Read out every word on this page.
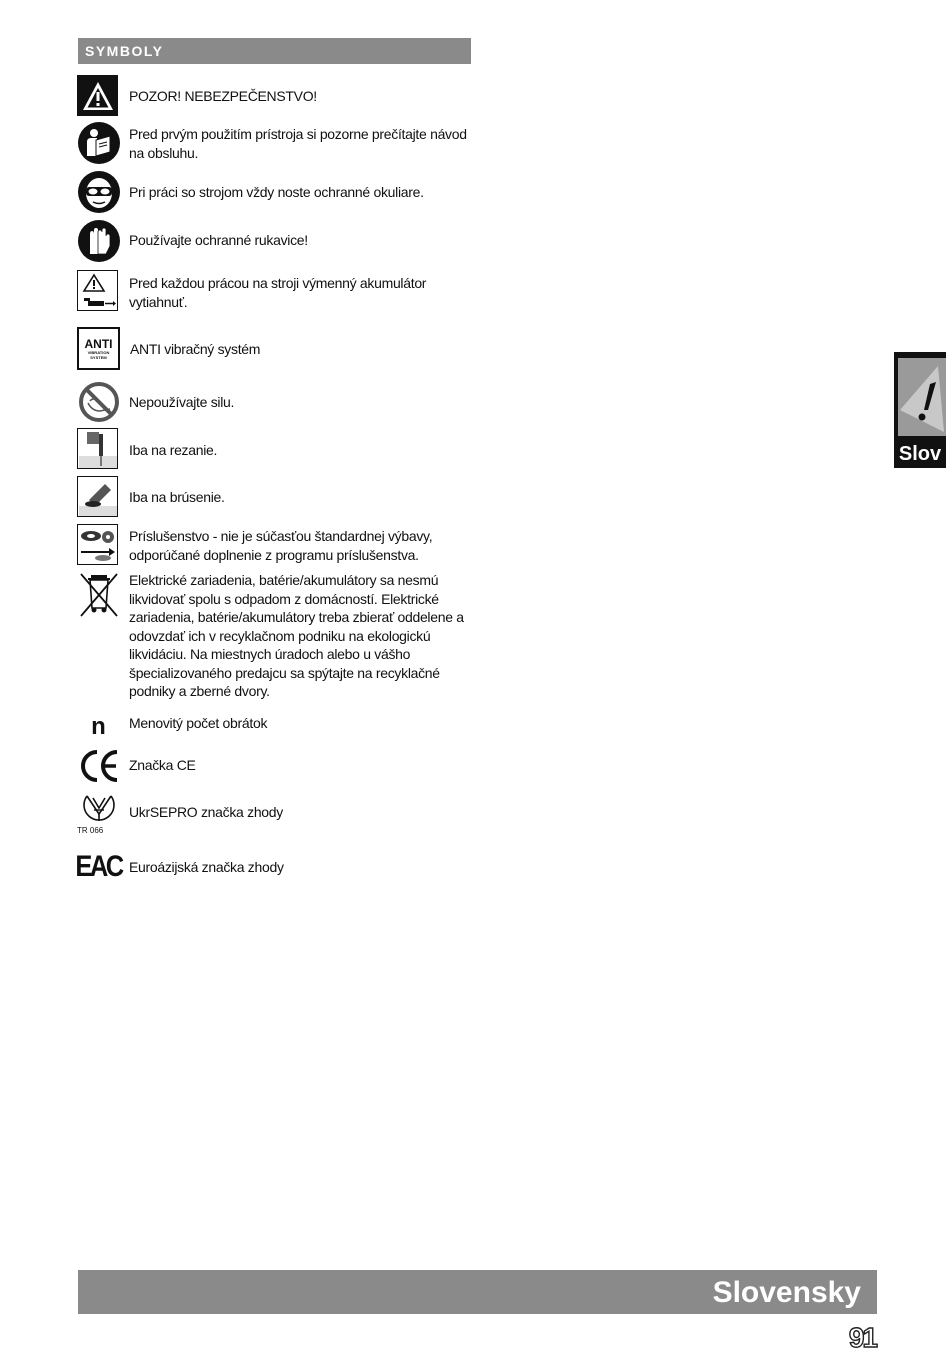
SYMBOLY
POZOR! NEBEZPEČENSTVO!
Pred prvým použitím prístroja si pozorne prečítajte návod na obsluhu.
Pri práci so strojom vždy noste ochranné okuliare.
Používajte ochranné rukavice!
Pred každou prácou na stroji výmenný akumulátor vytiahnuť.
ANTI
VIBRATION SYSTEM	ANTI vibračný systém
Nepoužívajte silu.
Iba na rezanie.
Iba na brúsenie.
Príslušenstvo - nie je súčasťou štandardnej výbavy, odporúčané doplnenie z programu príslušenstva.
Elektrické zariadenia, batérie/akumulátory sa nesmú likvidovať spolu s odpadom z domácností. Elektrické zariadenia, batérie/akumulátory treba zbierať oddelene a odovzdať ich v recyklačnom podniku na ekologickú likvidáciu. Na miestnych úradoch alebo u vášho špecializovaného predajcu sa spýtajte na recyklačné podniky a zberné dvory.
n	Menovitý počet obrátok
Značka CE
TR 066
UkrSEPRO značka zhody
EAC Euroázijská značka zhody
Slov
Slovensky
91
